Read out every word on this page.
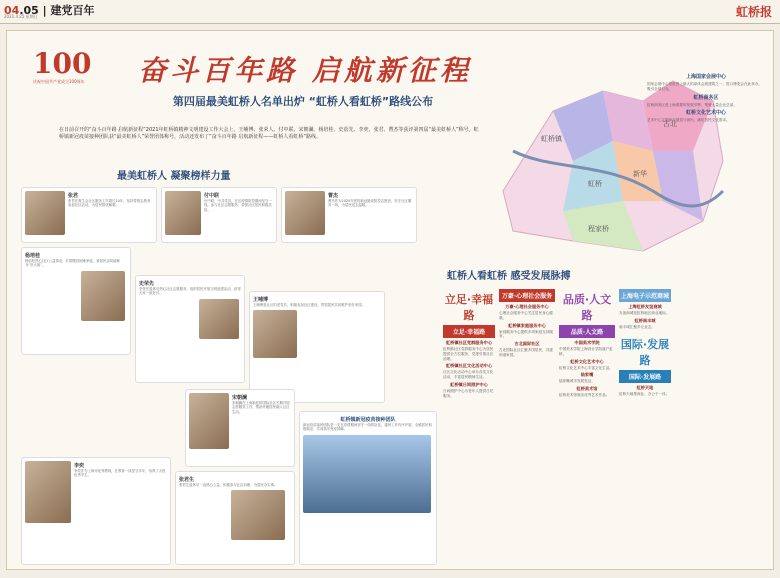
04.05 | 建党百年
2021.4.25 星期日	虹桥报
100
庆祝中国共产党成立100周年	奋斗百年路 启航新征程
第四届最美虹桥人名单出炉 “虹桥人看虹桥”路线公布
在日前召开的“奋斗百年路 启航新征程”2021年虹桥镇精神文明建设工作大会上，王哺博、张荣人、付中联、宋朝澜、杨培桂、史蓓先、李奕、张君、曹杰等获评第四届“最美虹桥人”称号。虹桥镇新冠疫苗接种团队获“最美虹桥人”荣誉团体称号，活动还发布了“奋斗百年路 启航新征程——虹桥人看虹桥”路线。
最美虹桥人 凝聚榜样力量
张君
张君在救生会社区服务工作超过10年，坚持带领志愿者参加社区活动，为居民排忧解难。
付中联
付中联，中共党员，在区疫情防控期间坚守一线，参与社区志愿服务，带领社区居民积极抗疫。
曹杰
曹杰作为2020年度的新冠肺炎防控志愿者，坚守社区服务一线，为居民送去温暖。
杨培桂
杨培桂热心社区公益事业，长期帮扶困难家庭，被居民亲切地称为“好大姐”。
史荣先
史荣先退休后热心社区志愿服务，组织居民开展文明创建活动，获得大家一致好评。
王哺博
王哺博是社区的老党员，积极参加社区建设，带领居民共同维护美好家园。
宋朝澜
宋朝澜在上海新虹桥国际社区长期开展志愿服务工作，帮助外籍居民融入社区生活。
李奕
李奕作为上海市优秀教师，在教育一线坚守多年，培养了大批优秀学生。
张君生
张君生退休后一直热心公益，积极参与社区治理，为居民办实事。
虹桥镇新冠疫苗接种团队
新冠疫苗接种团队是一支在疫情期间坚守一线的队伍，接种工作有序开展，全镇居民积极响应，共同筑牢免疫屏障。
虹桥镇
古北
虹桥
新华
程家桥
虹桥人看虹桥 感受发展脉搏
立足·幸福路
立足·幸福路
虹桥镇社区党群服务中心
虹桥镇社区党群服务中心为居民提供全方位服务，党建引领社区治理。
虹桥镇社区文化活动中心
社区文化活动中心举办各类文化活动，丰富居民精神生活。
虹桥镇日间照护中心
日间照护中心为老年人提供日托服务。
万豪·心理社会服务
万豪·心理社会服务中心
心理社会服务中心关注居民身心健康。
虹桥镇家庭服务中心
家庭服务中心提供多项家庭支持服务。
古北国际社区
古北国际社区汇聚多国居民，共建和谐家园。
品质·人文路
品质·人文路
中国美术学院
中国美术学院上海设计学院落户虹桥。
虹桥文化艺术中心
虹桥文化艺术中心丰富文化生活。
陆家嘴
陆家嘴城市发展见证。
虹桥美术馆
虹桥美术馆展出优秀艺术作品。
上海电子示范商城
上海虹桥友谊商城
友谊商城是虹桥地区商业地标。
虹桥南丰城
南丰城汇聚多元业态。
国际·发展路
国际·发展路
虹桥天地
虹桥天地集商业、办公于一体。
上海国家会展中心
国家会展中心是世界上最大的单体会展建筑之一，进口博览会在此举办，吸引全球目光。
虹桥商务区
虹桥商务区是上海重要的发展引擎，集聚大量企业总部。
虹桥文化艺术中心
艺术中心定期举办展览与演出，满足居民文化需求。
